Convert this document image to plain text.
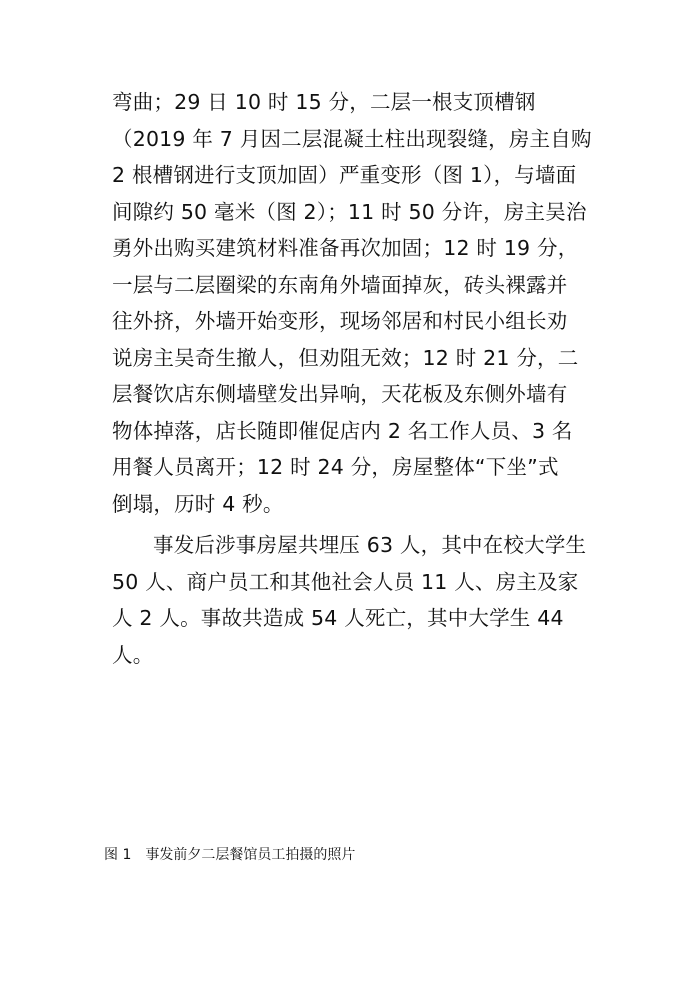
弯曲；29 日 10 时 15 分，二层一根支顶槽钢
（2019 年 7 月因二层混凝土柱出现裂缝，房主自购
2 根槽钢进行支顶加固）严重变形（图 1），与墙面
间隙约 50 毫米（图 2）；11 时 50 分许，房主吴治
勇外出购买建筑材料准备再次加固；12 时 19 分，
一层与二层圈梁的东南角外墙面掉灰，砖头裸露并
往外挤，外墙开始变形，现场邻居和村民小组长劝
说房主吴奇生撤人，但劝阻无效；12 时 21 分，二
层餐饮店东侧墙壁发出异响，天花板及东侧外墙有
物体掉落，店长随即催促店内 2 名工作人员、3 名
用餐人员离开；12 时 24 分，房屋整体“下坐”式
倒塌，历时 4 秒。
事发后涉事房屋共埋压 63 人，其中在校大学生
50 人、商户员工和其他社会人员 11 人、房主及家
人 2 人。事故共造成 54 人死亡，其中大学生 44
人。
图 1 事发前夕二层餐馆员工拍摄的照片
